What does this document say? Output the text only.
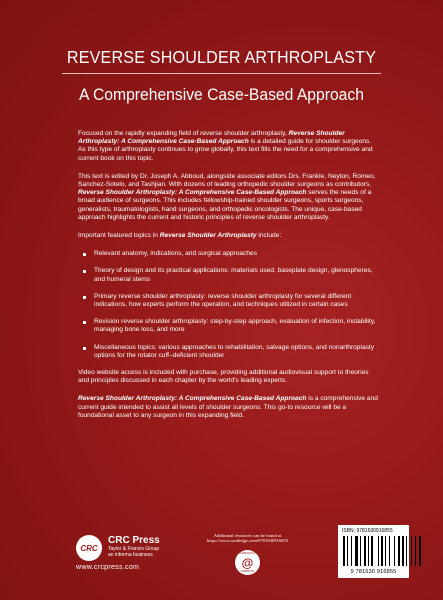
REVERSE SHOULDER ARTHROPLASTY
A Comprehensive Case-Based Approach

Focused on the rapidly expanding field of reverse shoulder arthroplasty, Reverse Shoulder Arthroplasty: A Comprehensive Case-Based Approach is a detailed guide for shoulder surgeons. As this type of arthroplasty continues to grow globally, this text fills the need for a comprehensive and current book on this topic.

This text is edited by Dr. Joseph A. Abboud, alongside associate editors Drs. Frankle, Neyton, Romeo, Sanchez-Sotelo, and Tashjian. With dozens of leading orthopedic shoulder surgeons as contributors, Reverse Shoulder Arthroplasty: A Comprehensive Case-Based Approach serves the needs of a broad audience of surgeons. This includes fellowship-trained shoulder surgeons, sports surgeons, generalists, traumatologists, hand surgeons, and orthopedic oncologists. The unique, case-based approach highlights the current and historic principles of reverse shoulder arthroplasty.

Important featured topics in Reverse Shoulder Arthroplasty include:

Relevant anatomy, indications, and surgical approaches
Theory of design and its practical applications: materials used, baseplate design, glenospheres, and humeral stems
Primary reverse shoulder arthroplasty: reverse shoulder arthroplasty for several different indications, how experts perform the operation, and techniques utilized in certain cases
Revision reverse shoulder arthroplasty: step-by-step approach, evaluation of infection, instability, managing bone loss, and more
Miscellaneous topics: various approaches to rehabilitation, salvage options, and nonarthroplasty options for the rotator cuff–deficient shoulder

Video website access is included with purchase, providing additional audiovisual support to theories and principles discussed in each chapter by the world's leading experts.

Reverse Shoulder Arthroplasty: A Comprehensive Case-Based Approach is a comprehensive and current guide intended to assist all levels of shoulder surgeons. This go-to resource will be a foundational asset to any surgeon in this expanding field.

CRC
CRC Press
Taylor & Francis Group
an informa business
www.crcpress.com
Additional resources can be found at
https://www.routledge.com/9781630916855
COMPANION
@
WEBSITE
ISBN: 9781630916855
9 781630 916855
